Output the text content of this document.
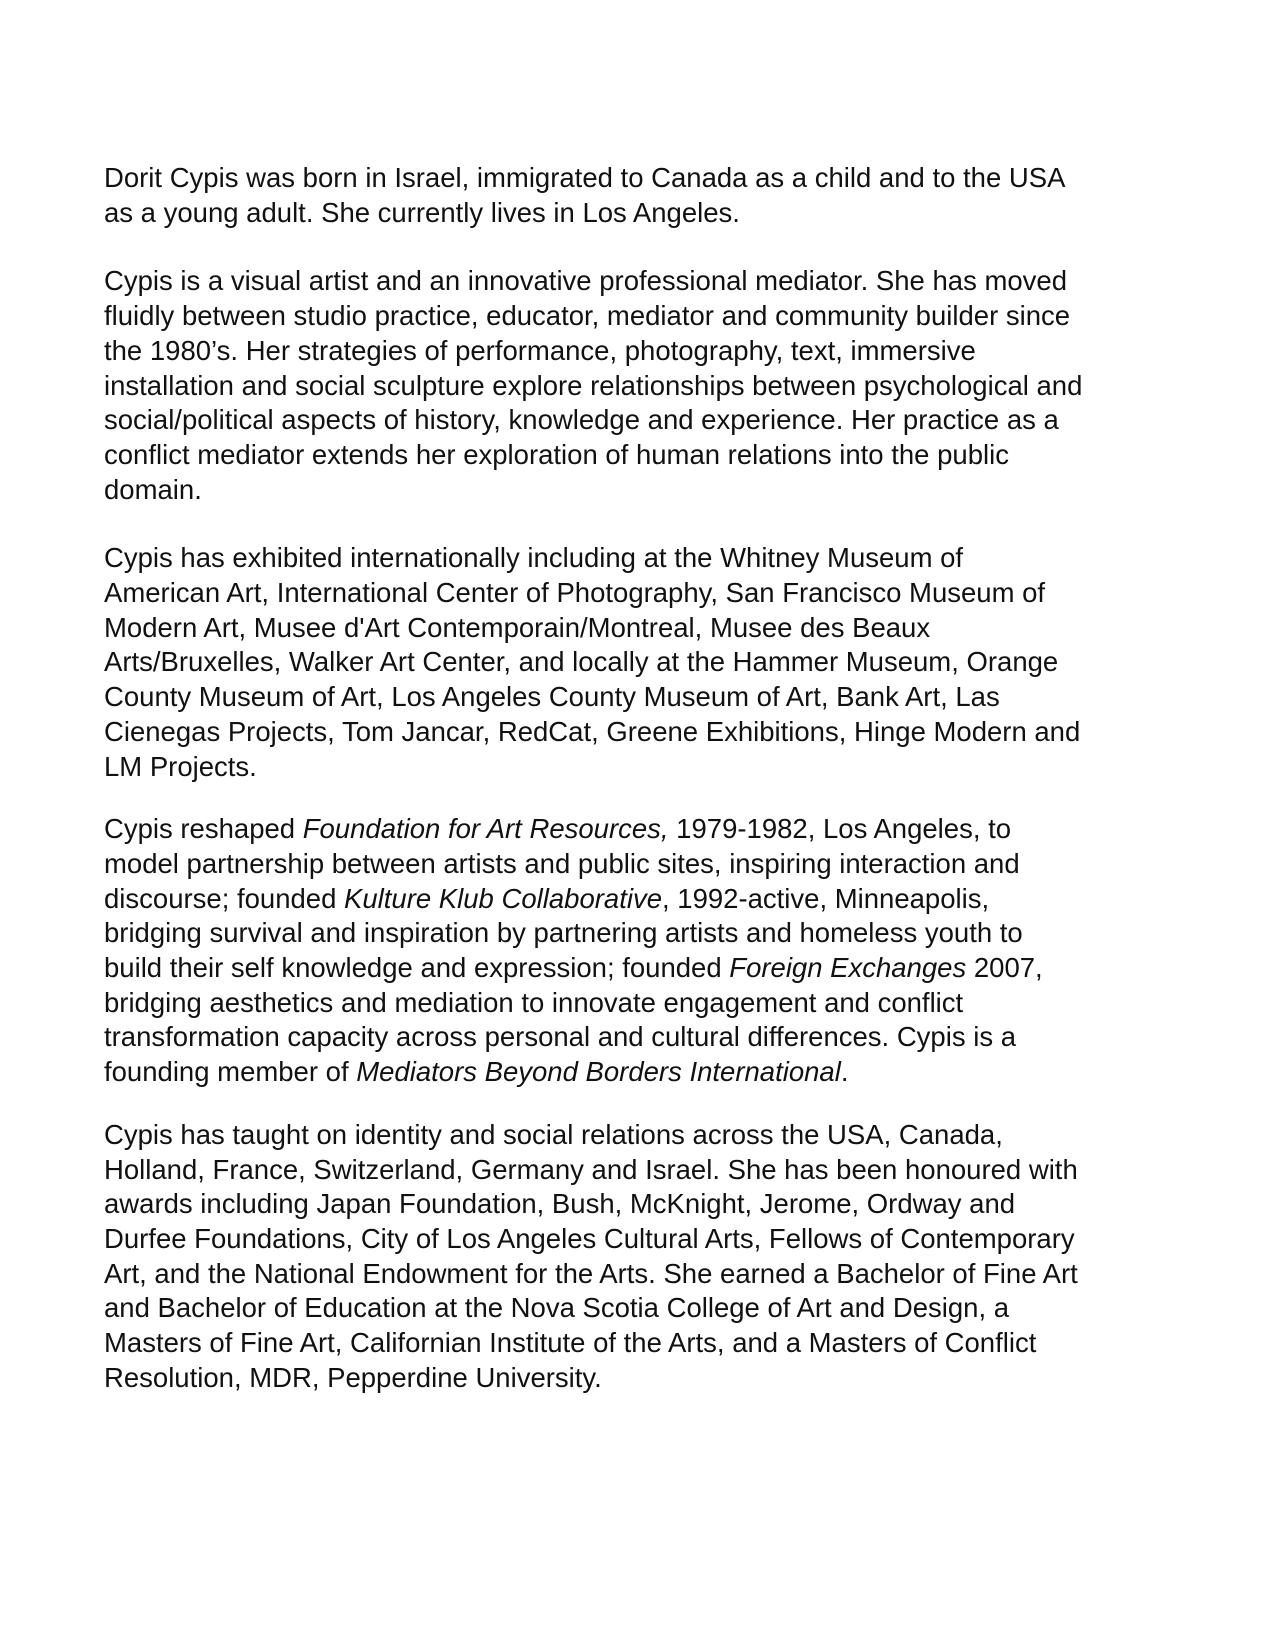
Dorit Cypis was born in Israel, immigrated to Canada as a child and to the USA
as a young adult. She currently lives in Los Angeles.

Cypis is a visual artist and an innovative professional mediator. She has moved
fluidly between studio practice, educator, mediator and community builder since
the 1980’s. Her strategies of performance, photography, text, immersive
installation and social sculpture explore relationships between psychological and
social/political aspects of history, knowledge and experience. Her practice as a
conflict mediator extends her exploration of human relations into the public
domain.

Cypis has exhibited internationally including at the Whitney Museum of
American Art, International Center of Photography, San Francisco Museum of
Modern Art, Musee d'Art Contemporain/Montreal, Musee des Beaux
Arts/Bruxelles, Walker Art Center, and locally at the Hammer Museum, Orange
County Museum of Art, Los Angeles County Museum of Art, Bank Art, Las
Cienegas Projects, Tom Jancar, RedCat, Greene Exhibitions, Hinge Modern and
LM Projects.

Cypis reshaped Foundation for Art Resources, 1979-1982, Los Angeles, to
model partnership between artists and public sites, inspiring interaction and
discourse; founded Kulture Klub Collaborative, 1992-active, Minneapolis,
bridging survival and inspiration by partnering artists and homeless youth to
build their self knowledge and expression; founded Foreign Exchanges 2007,
bridging aesthetics and mediation to innovate engagement and conflict
transformation capacity across personal and cultural differences. Cypis is a
founding member of Mediators Beyond Borders International.

Cypis has taught on identity and social relations across the USA, Canada,
Holland, France, Switzerland, Germany and Israel. She has been honoured with
awards including Japan Foundation, Bush, McKnight, Jerome, Ordway and
Durfee Foundations, City of Los Angeles Cultural Arts, Fellows of Contemporary
Art, and the National Endowment for the Arts. She earned a Bachelor of Fine Art
and Bachelor of Education at the Nova Scotia College of Art and Design, a
Masters of Fine Art, Californian Institute of the Arts, and a Masters of Conflict
Resolution, MDR, Pepperdine University.
